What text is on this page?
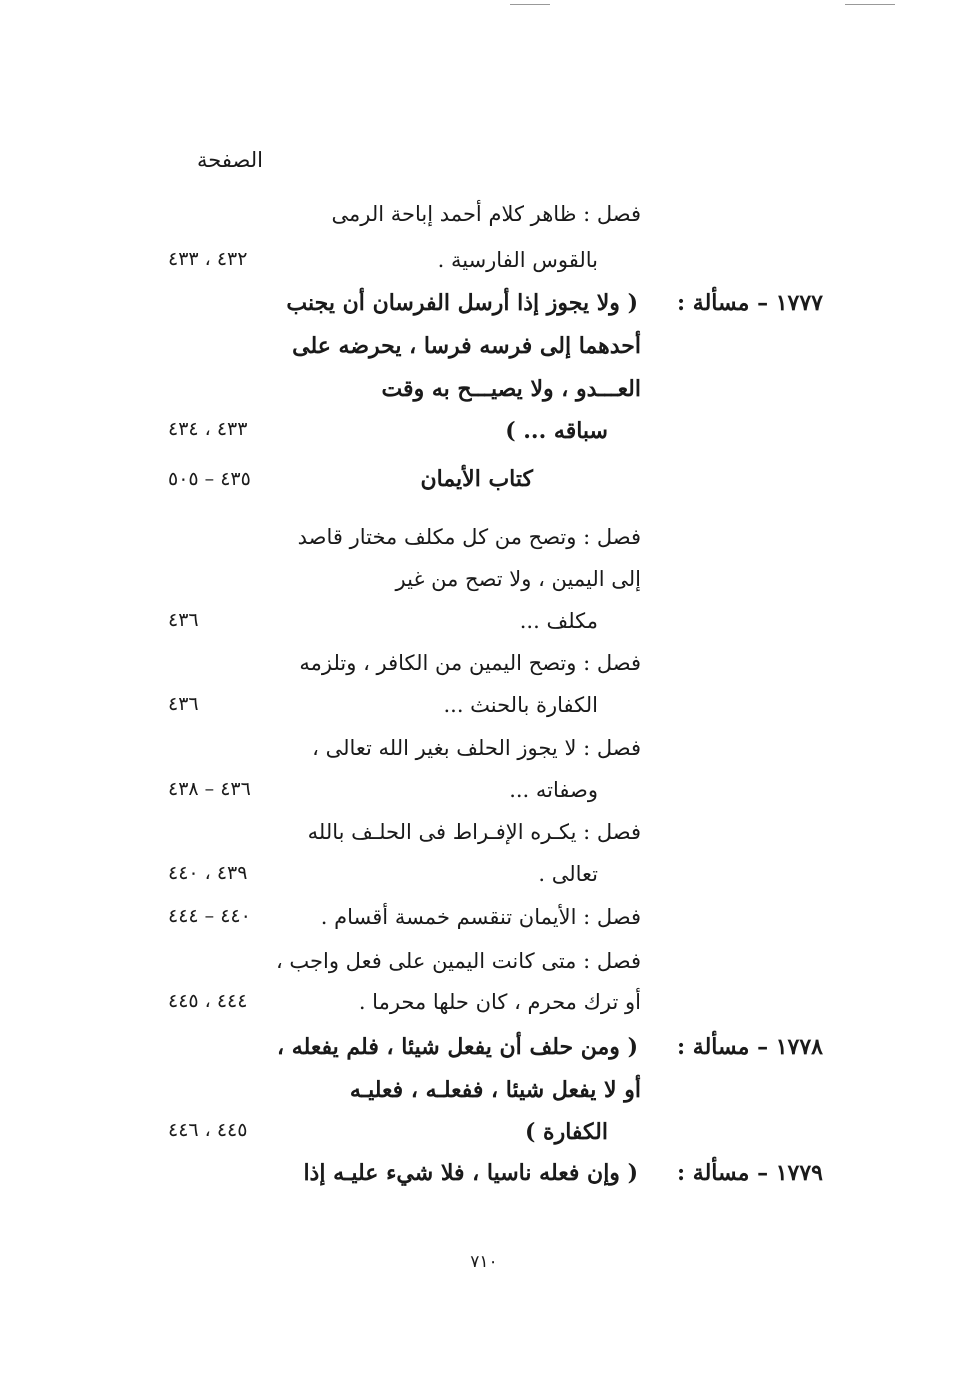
الصفحة
فصل : ظاهر كلام أحمد إباحة الرمى
بالقوس الفارسية .
٤٣٢ ، ٤٣٣
١٧٧٧ – مسألة :
( ولا يجوز إذا أرسل الفرسان أن يجنب
أحدهما إلى فرسه فرسا ، يحرضه على
العـــدو ، ولا يصيـــح به وقت
سباقه ... )
٤٣٣ ، ٤٣٤
كتاب الأيمان
٤٣٥ – ٥٠٥
فصل : وتصح من كل مكلف مختار قاصد
إلى اليمين ، ولا تصح من غير
مكلف ...
٤٣٦
فصل : وتصح اليمين من الكافر ، وتلزمه
الكفارة بالحنث ...
٤٣٦
فصل : لا يجوز الحلف بغير الله تعالى ،
وصفاته ...
٤٣٦ – ٤٣٨
فصل : يكـره الإفـراط فى الحلـف بالله
تعالى .
٤٣٩ ، ٤٤٠
فصل : الأيمان تنقسم خمسة أقسام .
٤٤٠ – ٤٤٤
فصل : متى كانت اليمين على فعل واجب ،
أو ترك محرم ، كان حلها محرما .
٤٤٤ ، ٤٤٥
١٧٧٨ – مسألة :
( ومن حلف أن يفعل شيئا ، فلم يفعله ،
أو لا يفعل شيئا ، ففعلـه ، فعليـه
الكفارة )
٤٤٥ ، ٤٤٦
١٧٧٩ – مسألة :
( وإن فعله ناسيا ، فلا شيء عليـه إذا
٧١٠
